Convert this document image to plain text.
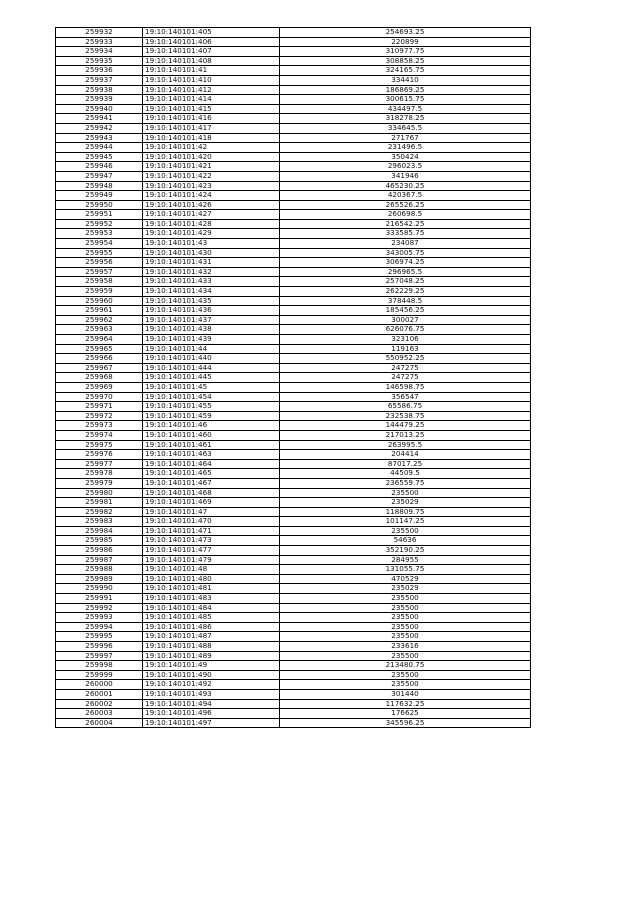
259932	19:10:140101:405	254693.25
259933	19:10:140101:406	220899
259934	19:10:140101:407	310977.75
259935	19:10:140101:408	308858.25
259936	19:10:140101:41	324165.75
259937	19:10:140101:410	334410
259938	19:10:140101:412	186869.25
259939	19:10:140101:414	300615.75
259940	19:10:140101:415	434497.5
259941	19:10:140101:416	318278.25
259942	19:10:140101:417	334645.5
259943	19:10:140101:418	271767
259944	19:10:140101:42	231496.5
259945	19:10:140101:420	350424
259946	19:10:140101:421	296023.5
259947	19:10:140101:422	341946
259948	19:10:140101:423	465230.25
259949	19:10:140101:424	420367.5
259950	19:10:140101:426	265526.25
259951	19:10:140101:427	260698.5
259952	19:10:140101:428	216542.25
259953	19:10:140101:429	333585.75
259954	19:10:140101:43	234087
259955	19:10:140101:430	343005.75
259956	19:10:140101:431	306974.25
259957	19:10:140101:432	296965.5
259958	19:10:140101:433	257048.25
259959	19:10:140101:434	262229.25
259960	19:10:140101:435	378448.5
259961	19:10:140101:436	185456.25
259962	19:10:140101:437	300027
259963	19:10:140101:438	626076.75
259964	19:10:140101:439	323106
259965	19:10:140101:44	119163
259966	19:10:140101:440	550952.25
259967	19:10:140101:444	247275
259968	19:10:140101:445	247275
259969	19:10:140101:45	146598.75
259970	19:10:140101:454	356547
259971	19:10:140101:455	65586.75
259972	19:10:140101:459	232538.75
259973	19:10:140101:46	144479.25
259974	19:10:140101:460	217013.25
259975	19:10:140101:461	263995.5
259976	19:10:140101:463	204414
259977	19:10:140101:464	87017.25
259978	19:10:140101:465	44509.5
259979	19:10:140101:467	236559.75
259980	19:10:140101:468	235500
259981	19:10:140101:469	235029
259982	19:10:140101:47	118809.75
259983	19:10:140101:470	101147.25
259984	19:10:140101:471	235500
259985	19:10:140101:473	54636
259986	19:10:140101:477	352190.25
259987	19:10:140101:479	284955
259988	19:10:140101:48	131055.75
259989	19:10:140101:480	470529
259990	19:10:140101:481	235029
259991	19:10:140101:483	235500
259992	19:10:140101:484	235500
259993	19:10:140101:485	235500
259994	19:10:140101:486	235500
259995	19:10:140101:487	235500
259996	19:10:140101:488	233616
259997	19:10:140101:489	235500
259998	19:10:140101:49	213480.75
259999	19:10:140101:490	235500
260000	19:10:140101:492	235500
260001	19:10:140101:493	301440
260002	19:10:140101:494	117632.25
260003	19:10:140101:496	176625
260004	19:10:140101:497	345596.25
